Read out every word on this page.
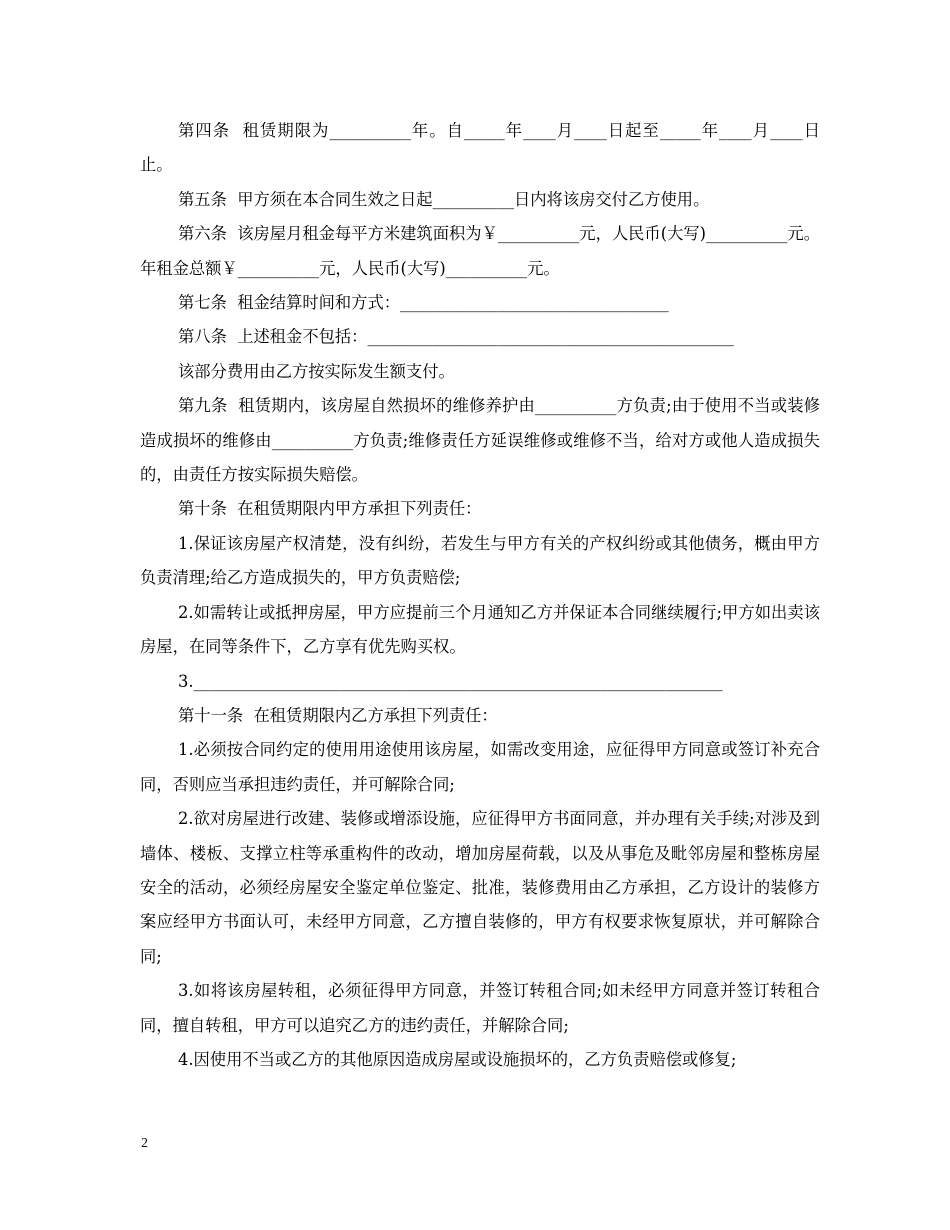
第四条  租赁期限为__________年。自_____年____月____日起至_____年____月____日止。

第五条  甲方须在本合同生效之日起__________日内将该房交付乙方使用。

第六条  该房屋月租金每平方米建筑面积为￥__________元，人民币(大写)__________元。年租金总额￥__________元，人民币(大写)__________元。

第七条  租金结算时间和方式：_________________________________

第八条  上述租金不包括：_____________________________________________

该部分费用由乙方按实际发生额支付。

第九条  租赁期内，该房屋自然损坏的维修养护由__________方负责;由于使用不当或装修造成损坏的维修由__________方负责;维修责任方延误维修或维修不当，给对方或他人造成损失的，由责任方按实际损失赔偿。

第十条  在租赁期限内甲方承担下列责任：

1.保证该房屋产权清楚，没有纠纷，若发生与甲方有关的产权纠纷或其他债务，概由甲方负责清理;给乙方造成损失的，甲方负责赔偿;

2.如需转让或抵押房屋，甲方应提前三个月通知乙方并保证本合同继续履行;甲方如出卖该房屋，在同等条件下，乙方享有优先购买权。

3._________________________________________________________________

第十一条  在租赁期限内乙方承担下列责任：

1.必须按合同约定的使用用途使用该房屋，如需改变用途，应征得甲方同意或签订补充合同，否则应当承担违约责任，并可解除合同;

2.欲对房屋进行改建、装修或增添设施，应征得甲方书面同意，并办理有关手续;对涉及到墙体、楼板、支撑立柱等承重构件的改动，增加房屋荷载，以及从事危及毗邻房屋和整栋房屋安全的活动，必须经房屋安全鉴定单位鉴定、批准，装修费用由乙方承担，乙方设计的装修方案应经甲方书面认可，未经甲方同意，乙方擅自装修的，甲方有权要求恢复原状，并可解除合同;

3.如将该房屋转租，必须征得甲方同意，并签订转租合同;如未经甲方同意并签订转租合同，擅自转租，甲方可以追究乙方的违约责任，并解除合同;

4.因使用不当或乙方的其他原因造成房屋或设施损坏的，乙方负责赔偿或修复;

2
